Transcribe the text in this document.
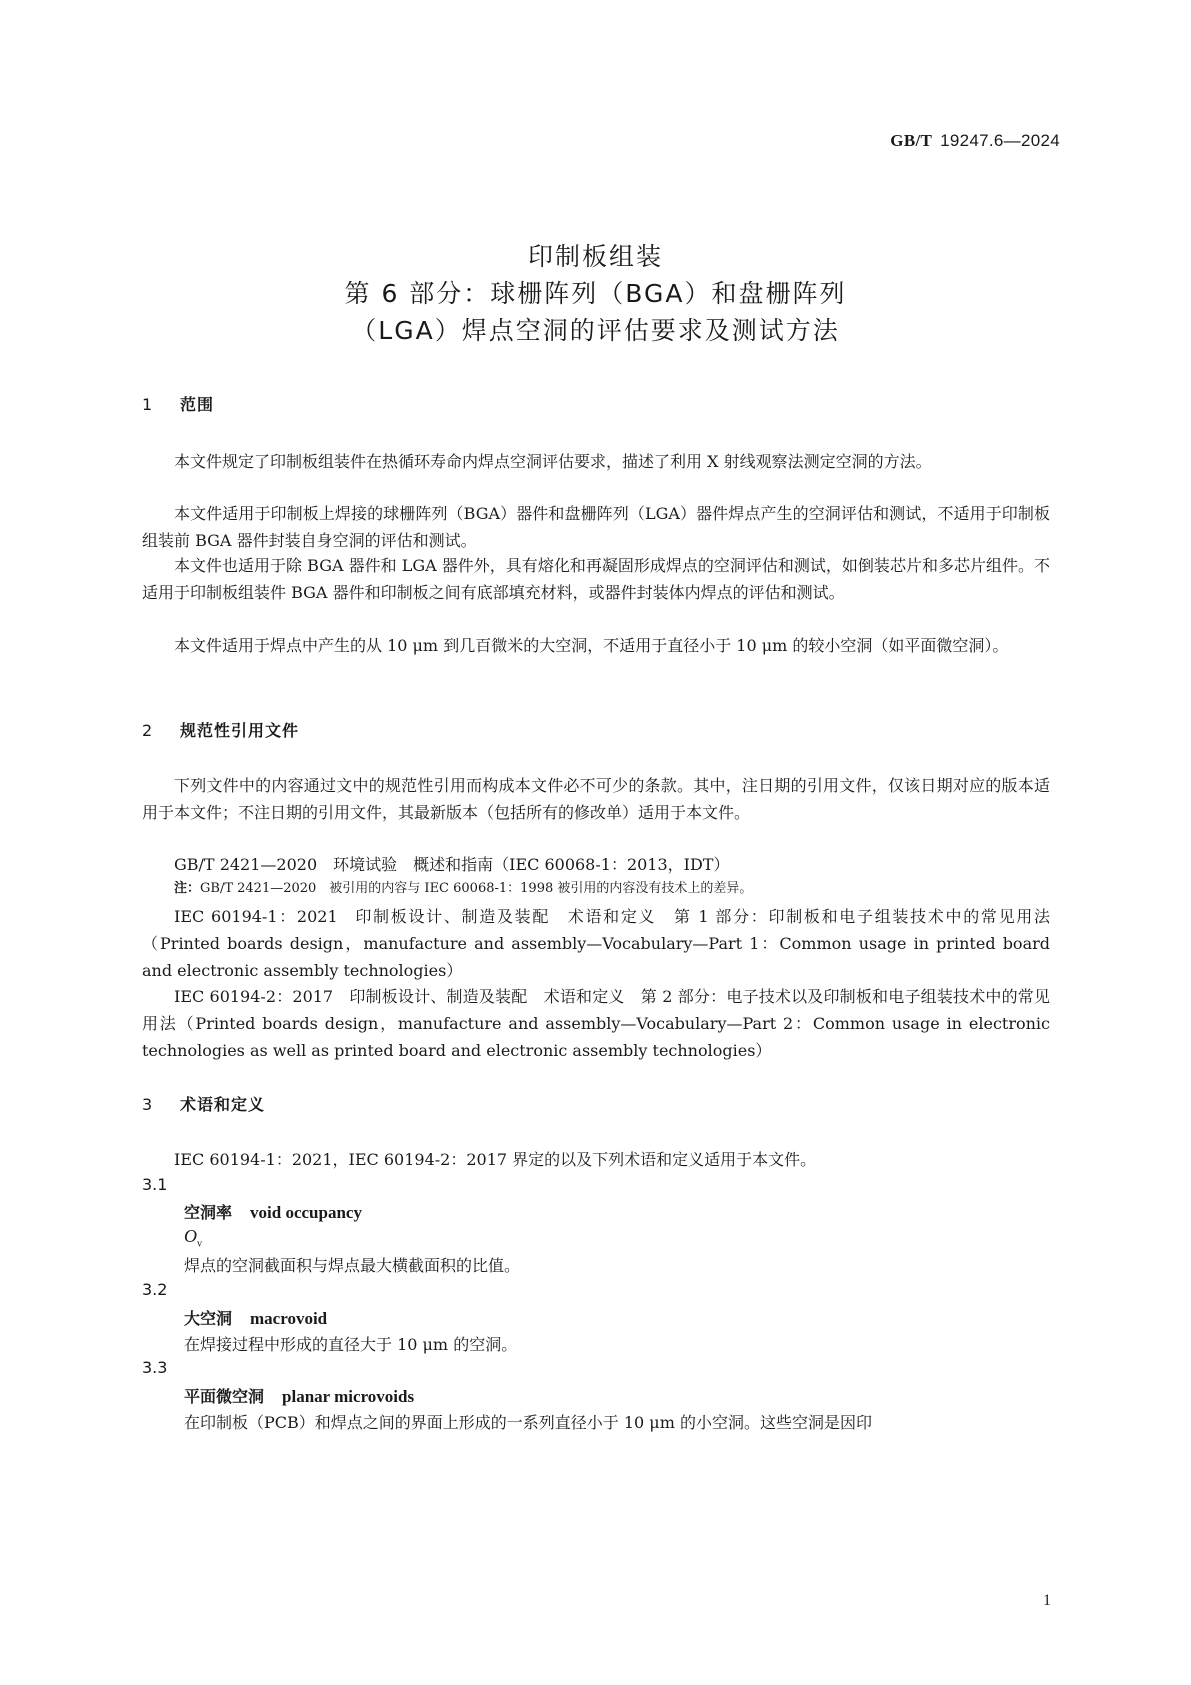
GB/T 19247.6—2024
印制板组装
第 6 部分：球栅阵列（BGA）和盘栅阵列
（LGA）焊点空洞的评估要求及测试方法
1 范围
本文件规定了印制板组装件在热循环寿命内焊点空洞评估要求，描述了利用 X 射线观察法测定空洞的方法。
本文件适用于印制板上焊接的球栅阵列（BGA）器件和盘栅阵列（LGA）器件焊点产生的空洞评估和测试，不适用于印制板组装前 BGA 器件封装自身空洞的评估和测试。
本文件也适用于除 BGA 器件和 LGA 器件外，具有熔化和再凝固形成焊点的空洞评估和测试，如倒装芯片和多芯片组件。不适用于印制板组装件 BGA 器件和印制板之间有底部填充材料，或器件封装体内焊点的评估和测试。
本文件适用于焊点中产生的从 10 μm 到几百微米的大空洞，不适用于直径小于 10 μm 的较小空洞（如平面微空洞）。
2 规范性引用文件
下列文件中的内容通过文中的规范性引用而构成本文件必不可少的条款。其中，注日期的引用文件，仅该日期对应的版本适用于本文件；不注日期的引用文件，其最新版本（包括所有的修改单）适用于本文件。
GB/T 2421—2020 环境试验　概述和指南（IEC 60068-1：2013，IDT）
注：GB/T 2421—2020　被引用的内容与 IEC 60068-1：1998 被引用的内容没有技术上的差异。
IEC 60194-1：2021 印制板设计、制造及装配　术语和定义　第 1 部分：印制板和电子组装技术中的常见用法（Printed boards design，manufacture and assembly—Vocabulary—Part 1：Common usage in printed board and electronic assembly technologies）
IEC 60194-2：2017 印制板设计、制造及装配　术语和定义　第 2 部分：电子技术以及印制板和电子组装技术中的常见用法（Printed boards design，manufacture and assembly—Vocabulary—Part 2：Common usage in electronic technologies as well as printed board and electronic assembly technologies）
3 术语和定义
IEC 60194-1：2021，IEC 60194-2：2017 界定的以及下列术语和定义适用于本文件。
3.1
空洞率 void occupancy
$O_v$
焊点的空洞截面积与焊点最大横截面积的比值。
3.2
大空洞 macrovoid
在焊接过程中形成的直径大于 10 μm 的空洞。
3.3
平面微空洞 planar microvoids
在印制板（PCB）和焊点之间的界面上形成的一系列直径小于 10 μm 的小空洞。这些空洞是因印
1
